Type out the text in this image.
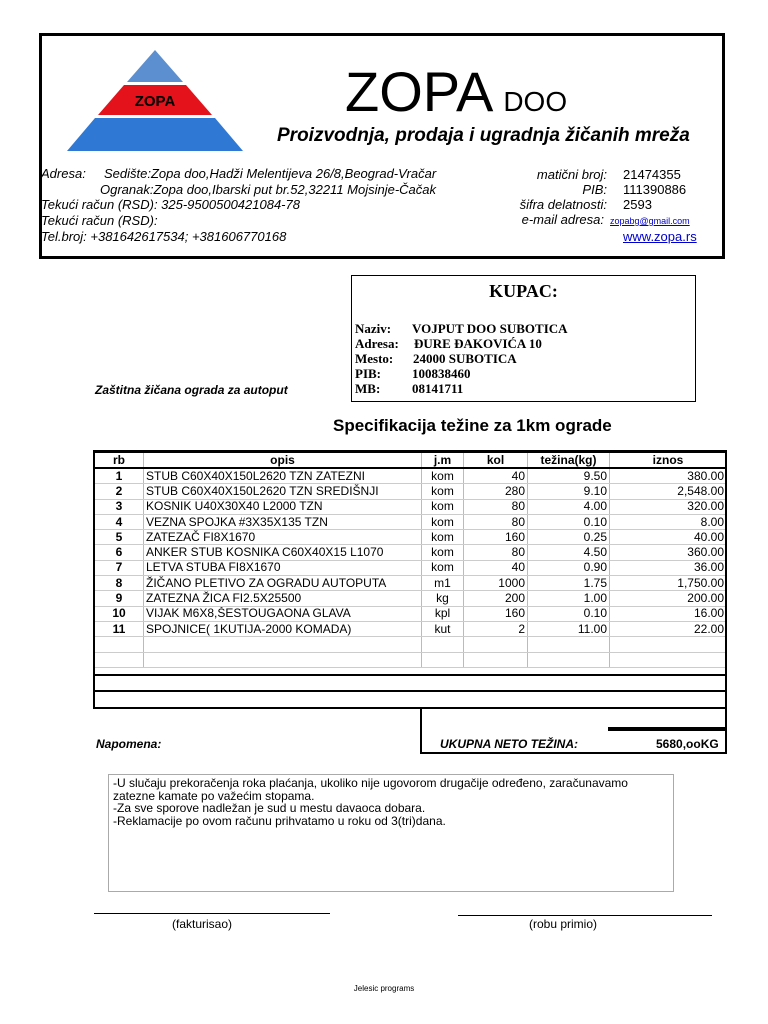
ZOPA	ZOPA DOO
Proizvodnja, prodaja i ugradnja žičanih mreža
Adresa: Sedište:Zopa doo,Hadži Melentijeva 26/8,Beograd-Vračar
Ogranak:Zopa doo,Ibarski put br.52,32211 Mojsinje-Čačak
Tekući račun (RSD): 325-9500500421084-78
Tekući račun (RSD):
Tel.broj: +381642617534; +381606770168
matični broj: 21474355
PIB: 111390886
šifra delatnosti: 2593
e-mail adresa: zopabg@gmail.com
www.zopa.rs
KUPAC:
Naziv: VOJPUT DOO SUBOTICA
Adresa: ĐURE ĐAKOVIĆA 10
Mesto: 24000 SUBOTICA
PIB: 100838460
MB: 08141711
Zaštitna žičana ograda za autoput
Specifikacija težine za 1km ograde
rb	opis	j.m	kol	težina(kg)	iznos
1	STUB C60X40X150L2620 TZN ZATEZNI	kom	40	9.50	380.00
2	STUB C60X40X150L2620 TZN SREDIŠNJI	kom	280	9.10	2,548.00
3	KOSNIK U40X30X40 L2000 TZN	kom	80	4.00	320.00
4	VEZNA SPOJKA #3X35X135 TZN	kom	80	0.10	8.00
5	ZATEZAČ FI8X1670	kom	160	0.25	40.00
6	ANKER STUB KOSNIKA C60X40X15 L1070	kom	80	4.50	360.00
7	LETVA STUBA FI8X1670	kom	40	0.90	36.00
8	ŽIČANO PLETIVO ZA OGRADU AUTOPUTA	m1	1000	1.75	1,750.00
9	ZATEZNA ŽICA FI2.5X25500	kg	200	1.00	200.00
10	VIJAK M6X8,ŠESTOUGAONA GLAVA	kpl	160	0.10	16.00
11	SPOJNICE( 1KUTIJA-2000 KOMADA)	kut	2	11.00	22.00

Napomena:	UKUPNA NETO TEŽINA:	5680,ooKG
-U slučaju prekoračenja roka plaćanja, ukoliko nije ugovorom drugačije određeno, zaračunavamo
zatezne kamate po važećim stopama.
-Za sve sporove nadležan je sud u mestu davaoca dobara.
-Reklamacije po ovom računu prihvatamo u roku od 3(tri)dana.
(fakturisao)	(robu primio)
Jelesic programs
